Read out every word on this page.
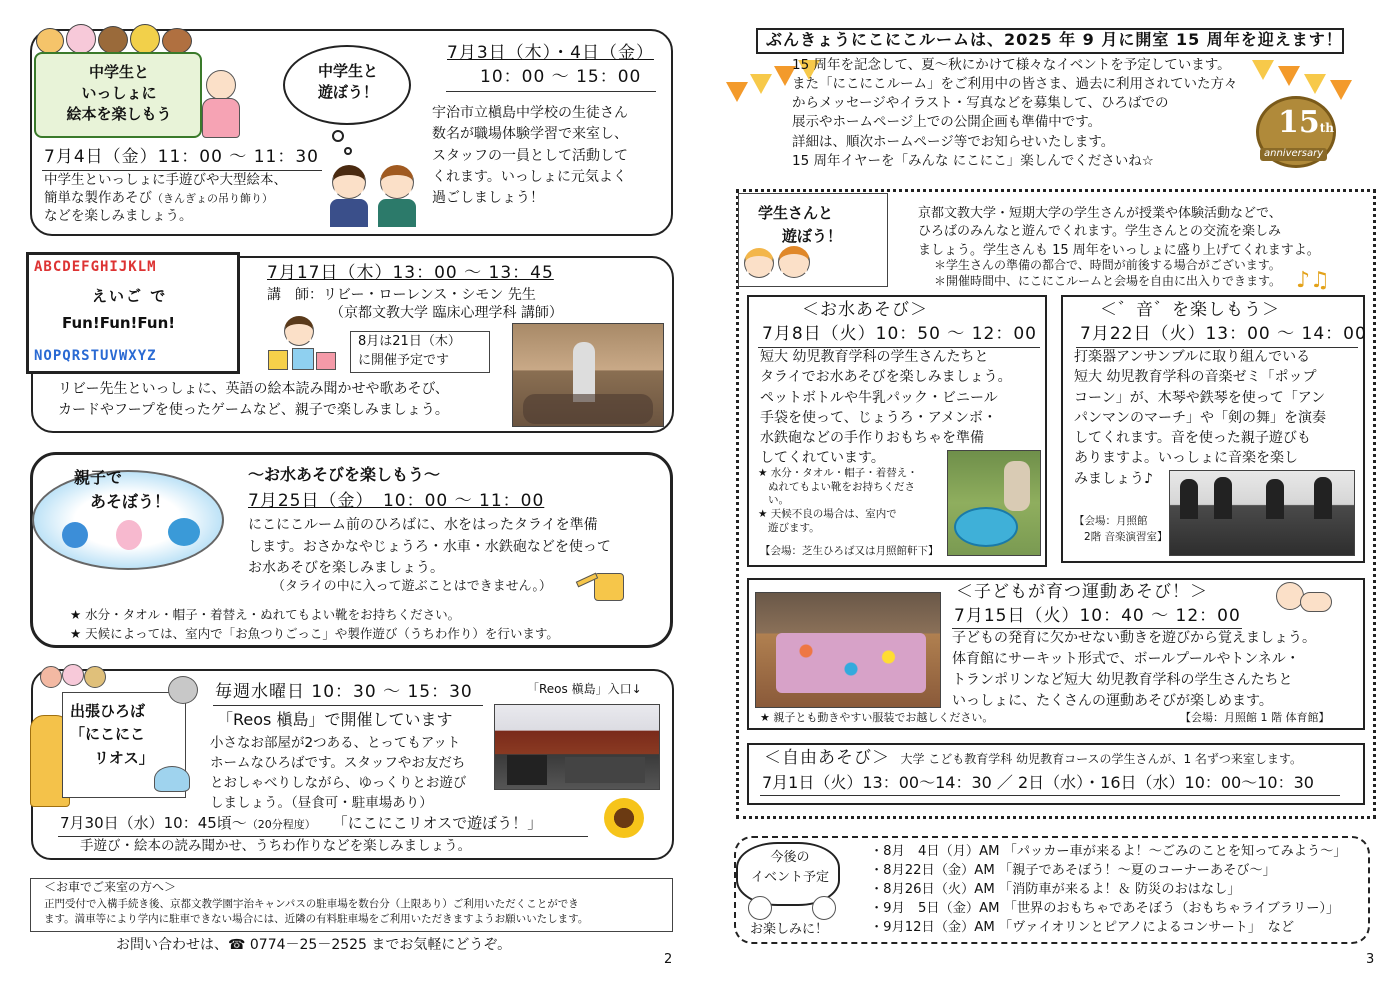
中学生と
いっしょに
絵本を楽しもう
7月4日（金）11：00 ～ 11：30
中学生といっしょに手遊びや大型絵本、
簡単な製作あそび（きんぎょの吊り飾り）
などを楽しみましょう。
中学生と
遊ぼう！
7月3日（木）・4日（金）
10：00 ～ 15：00
宇治市立槇島中学校の生徒さん
数名が職場体験学習で来室し、
スタッフの一員として活動して
くれます。いっしょに元気よく
過ごしましょう！
ABCDEFGHIJKLM
えいご で
Fun!Fun!Fun!
NOPQRSTUVWXYZ
7月17日（木）13：00 ～ 13：45
講　師：リビー・ローレンス・シモン 先生
（京都文教大学 臨床心理学科 講師）
8月は21日（木）
に開催予定です
リビー先生といっしょに、英語の絵本読み聞かせや歌あそび、
カードやフープを使ったゲームなど、親子で楽しみましょう。
親子で
あそぼう！
～お水あそびを楽しもう～
7月25日（金）　10：00 ～ 11：00
にこにこルーム前のひろばに、水をはったタライを準備
します。おさかなやじょうろ・水車・水鉄砲などを使って
お水あそびを楽しみましょう。
（タライの中に入って遊ぶことはできません。）
★ 水分・タオル・帽子・着替え・ぬれてもよい靴をお持ちください。
★ 天候によっては、室内で「お魚つりごっこ」や製作遊び（うちわ作り）を行います。
出張ひろば
「にこにこ
リオス」
「Reos 槇島」入口↓
毎週水曜日 10：30 ～ 15：30
「Reos 槇島」で開催しています
小さなお部屋が2つある、とってもアット
ホームなひろばです。スタッフやお友だち
とおしゃべりしながら、ゆっくりとお遊び
しましょう。（昼食可・駐車場あり）
7月30日（水）10：45頃～（20分程度） 「にこにこリオスで遊ぼう！」
手遊び・絵本の読み聞かせ、うちわ作りなどを楽しみましょう。
＜お車でご来室の方へ＞
正門受付で入構手続き後、京都文教学園宇治キャンパスの駐車場を数台分（上限あり）ご利用いただくことができ
ます。満車等により学内に駐車できない場合には、近隣の有料駐車場をご利用いただきますようお願いいたします。
お問い合わせは、☎ 0774－25－2525 までお気軽にどうぞ。
2
ぶんきょうにこにこルームは、2025 年 9 月に開室 15 周年を迎えます！
15 周年を記念して、夏～秋にかけて様々なイベントを予定しています。
また「にこにこルーム」をご利用中の皆さま、過去に利用されていた方々
からメッセージやイラスト・写真などを募集して、ひろばでの
展示やホームページ上での公開企画も準備中です。
詳細は、順次ホームページ等でお知らせいたします。
15 周年イヤーを「みんな にこにこ」楽しんでくださいね☆
15th
anniversary
学生さんと
遊ぼう！
京都文教大学・短期大学の学生さんが授業や体験活動などで、
ひろばのみんなと遊んでくれます。学生さんとの交流を楽しみ
ましょう。学生さんも 15 周年をいっしょに盛り上げてくれますよ。
＊学生さんの準備の都合で、時間が前後する場合がございます。
＊開催時間中、にこにこルームと会場を自由に出入りできます。 ♪♫
＜お水あそび＞
7月8日（火）10：50 ～ 12：00
短大 幼児教育学科の学生さんたちと
タライでお水あそびを楽しみましょう。
ペットボトルや牛乳パック・ビニール
手袋を使って、じょうろ・アメンボ・
水鉄砲などの手作りおもちゃを準備
してくれています。
★ 水分・タオル・帽子・着替え・
ぬれてもよい靴をお持ちくださ
い。
★ 天候不良の場合は、室内で
遊びます。
【会場：芝生ひろば又は月照館軒下】
＜゛音゛を楽しもう＞
7月22日（火）13：00 ～ 14：00
打楽器アンサンブルに取り組んでいる
短大 幼児教育学科の音楽ゼミ「ポップ
コーン」が、木琴や鉄琴を使って「アン
パンマンのマーチ」や「剣の舞」を演奏
してくれます。音を使った親子遊びも
ありますよ。いっしょに音楽を楽し
みましょう♪
【会場：月照館
2階 音楽演習室】
＜子どもが育つ運動あそび！＞
7月15日（火）10：40 ～ 12：00
子どもの発育に欠かせない動きを遊びから覚えましょう。
体育館にサーキット形式で、ボールプールやトンネル・
トランポリンなど短大 幼児教育学科の学生さんたちと
いっしょに、たくさんの運動あそびが楽しめます。
★ 親子とも動きやすい服装でお越しください。	【会場：月照館 1 階 体育館】
＜自由あそび＞ 大学 こども教育学科 幼児教育コースの学生さんが、1 名ずつ来室します。
7月1日（火）13：00～14：30 ／ 2日（水）・16日（水）10：00～10：30
今後の
イベント予定
お楽しみに！
・8月　4日（月）AM 「パッカー車が来るよ！～ごみのことを知ってみよう～」
・8月22日（金）AM 「親子であそぼう！～夏のコーナーあそび～」
・8月26日（火）AM 「消防車が来るよ！＆ 防災のおはなし」
・9月　5日（金）AM 「世界のおもちゃであそぼう（おもちゃライブラリー）」
・9月12日（金）AM 「ヴァイオリンとピアノによるコンサート」　など
3
